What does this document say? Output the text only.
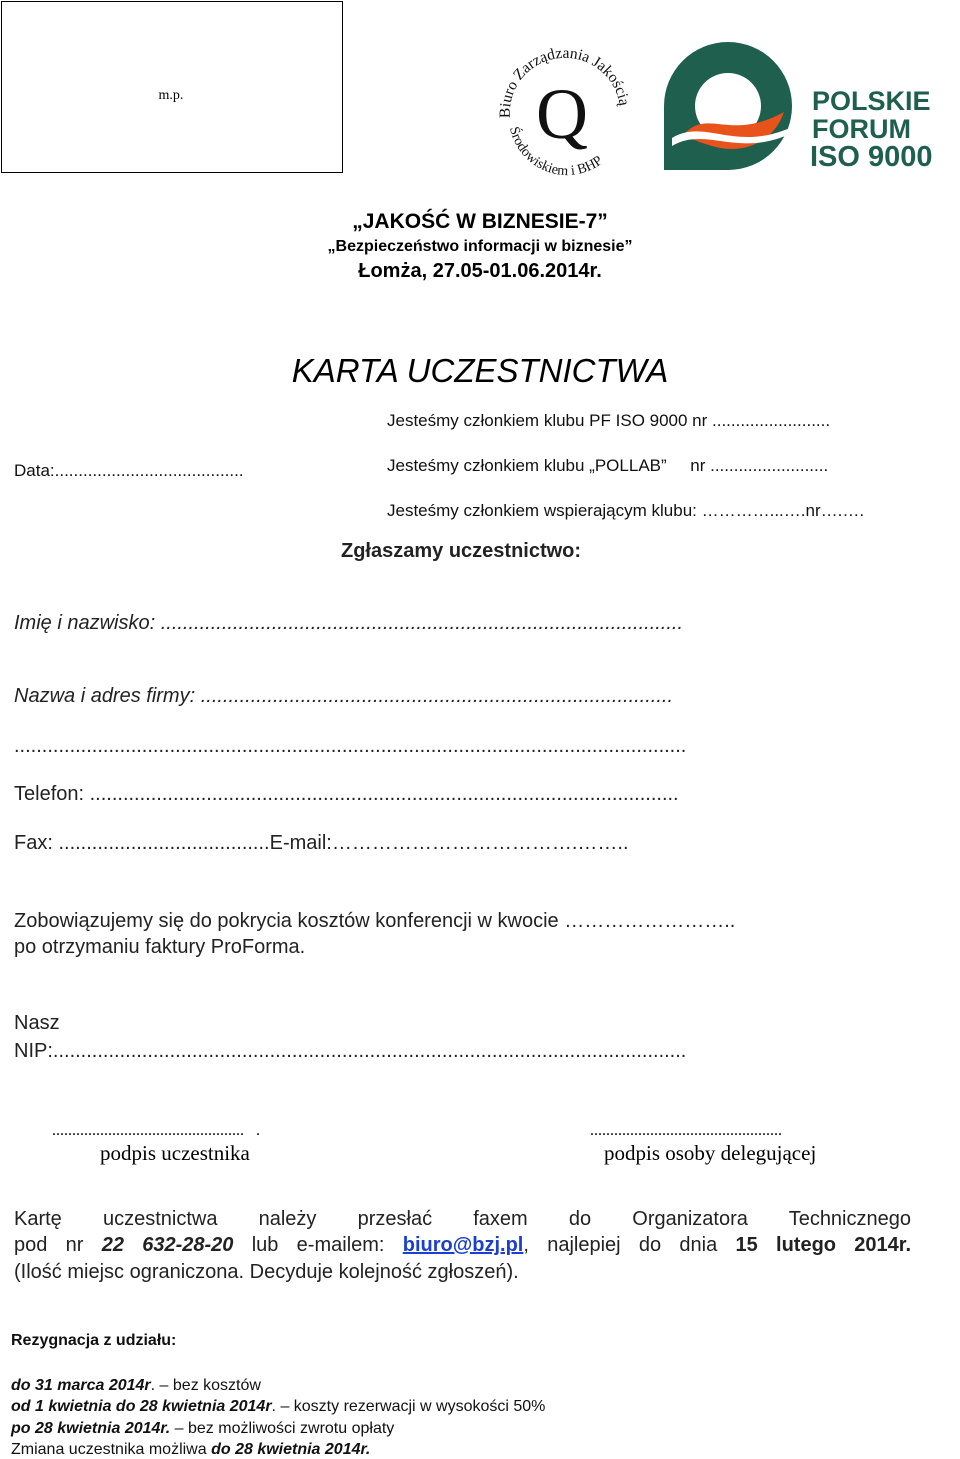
m.p.
Biuro Zarządzania Jakością
Środowiskiem i BHP
Q	POLSKIE
FORUM
ISO 9000
„JAKOŚĆ W BIZNESIE-7”
„Bezpieczeństwo informacji w biznesie”
Łomża, 27.05-01.06.2014r.
KARTA UCZESTNICTWA
Jesteśmy członkiem klubu PF ISO 9000 nr .........................
Jesteśmy członkiem klubu „POLLAB”     nr .........................
Jesteśmy członkiem wspierającym klubu: …………...….nr….….
Data:........................................
Zgłaszamy uczestnictwo:
Imię i nazwisko: ..............................................................................................
Nazwa i adres firmy: .....................................................................................
.........................................................................................................................
Telefon: ..........................................................................................................
Fax: ......................................E-mail:……………………………….……..
Zobowiązujemy się do pokrycia kosztów konferencji w kwocie ……………………..
po otrzymaniu faktury ProForma.
Nasz
NIP:..................................................................................................................
................................................   .
podpis uczestnika
................................................
podpis osoby delegującej
Kartę uczestnictwa należy przesłać faxem do Organizatora Technicznego
pod nr 22 632-28-20 lub e-mailem: biuro@bzj.pl, najlepiej do dnia 15 lutego 2014r.
(Ilość miejsc ograniczona. Decyduje kolejność zgłoszeń).
Rezygnacja z udziału:
do 31 marca 2014r. – bez kosztów
od 1 kwietnia do 28 kwietnia 2014r. – koszty rezerwacji w wysokości 50%
po 28 kwietnia 2014r. – bez możliwości zwrotu opłaty
Zmiana uczestnika możliwa do 28 kwietnia 2014r.
